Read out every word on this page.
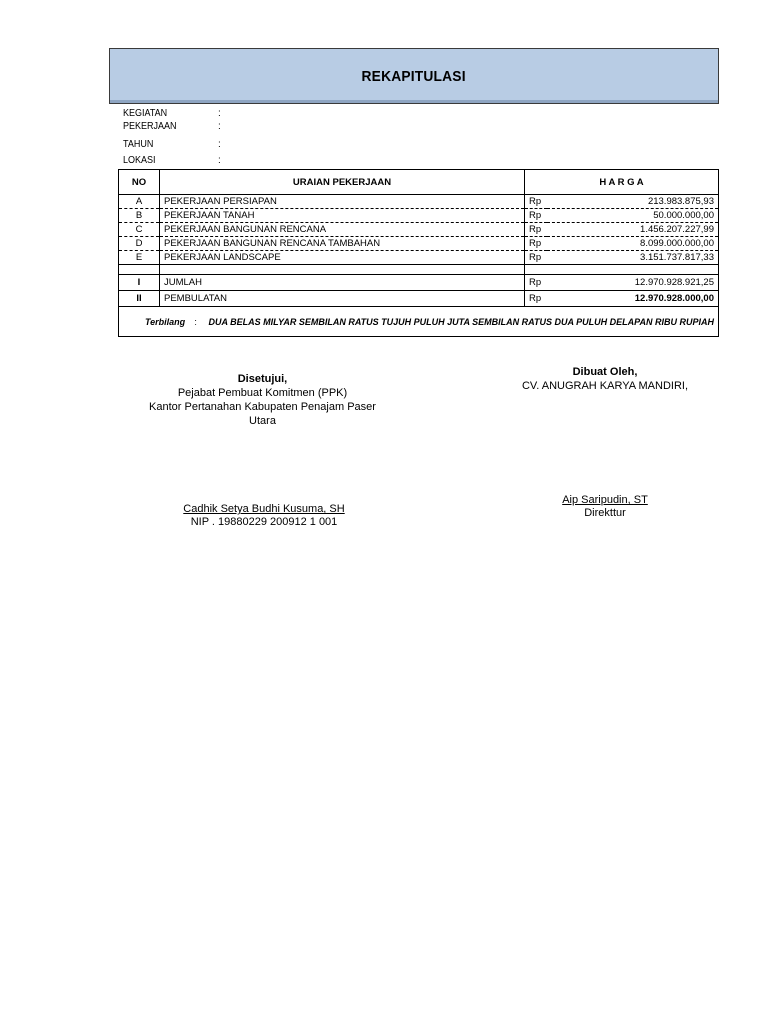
REKAPITULASI
KEGIATAN	:
PEKERJAAN	:
TAHUN	:
LOKASI	:
NO	URAIAN PEKERJAAN	H A R G A	
A	PEKERJAAN PERSIAPAN	Rp	213.983.875,93
B	PEKERJAAN TANAH	Rp	50.000.000,00
C	PEKERJAAN BANGUNAN RENCANA	Rp	1.456.207.227,99
D	PEKERJAAN BANGUNAN RENCANA TAMBAHAN	Rp	8.099.000.000,00
E	PEKERJAAN LANDSCAPE	Rp	3.151.737.817,33

I	JUMLAH	Rp	12.970.928.921,25
II	PEMBULATAN	Rp	12.970.928.000,00

Terbilang : DUA BELAS MILYAR SEMBILAN RATUS TUJUH PULUH JUTA SEMBILAN RATUS DUA PULUH DELAPAN RIBU RUPIAH			
Disetujui,
Pejabat Pembuat Komitmen (PPK)
Kantor Pertanahan Kabupaten Penajam Paser Utara
Dibuat Oleh,
CV. ANUGRAH KARYA MANDIRI,
Cadhik Setya Budhi Kusuma, SH
NIP . 19880229 200912 1 001
Aip Saripudin, ST
Direkttur
